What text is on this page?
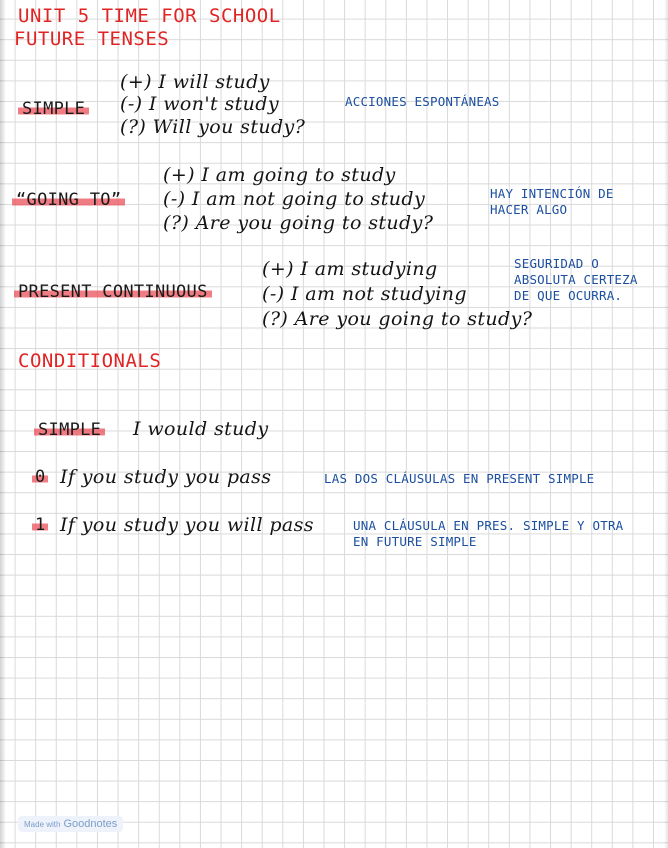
UNIT 5 TIME FOR SCHOOL
FUTURE TENSES
SIMPLE
(+) I will study
(-) I won't study
(?) Will you study?
ACCIONES ESPONTÁNEAS
“GOING TO”
(+) I am going to study
(-) I am not going to study
(?) Are you going to study?
HAY INTENCIÓN DE
HACER ALGO
PRESENT CONTINUOUS
(+) I am studying
(-) I am not studying
(?) Are you going to study?
SEGURIDAD O
ABSOLUTA CERTEZA
DE QUE OCURRA.
CONDITIONALS
SIMPLE I would study
0 If you study you pass	LAS DOS CLÁUSULAS EN PRESENT SIMPLE
1 If you study you will pass	UNA CLÁUSULA EN PRES. SIMPLE Y OTRA
EN FUTURE SIMPLE
Made with Goodnotes
